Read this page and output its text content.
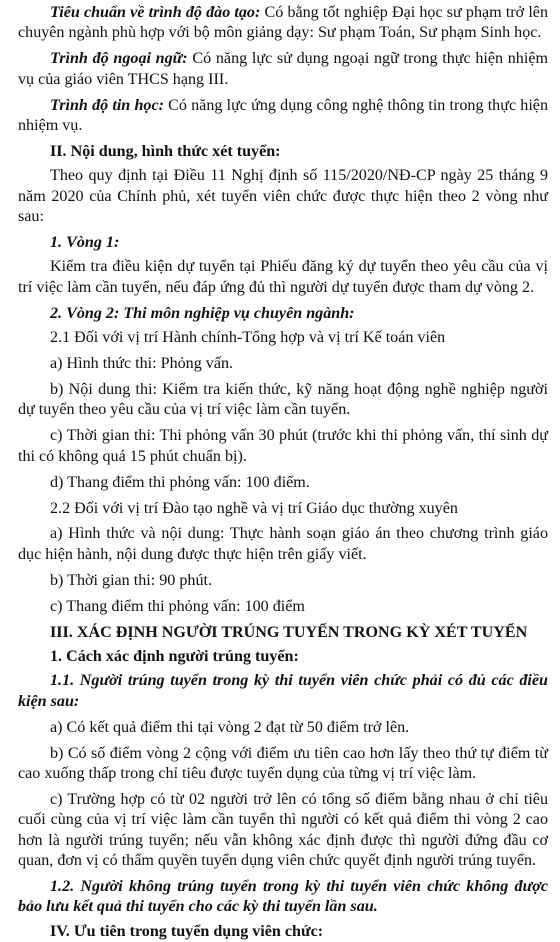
Tiêu chuẩn về trình độ đào tạo: Có bằng tốt nghiệp Đại học sư phạm trở lên chuyên ngành phù hợp với bộ môn giảng dạy: Sư phạm Toán, Sư phạm Sinh học.

Trình độ ngoại ngữ: Có năng lực sử dụng ngoại ngữ trong thực hiện nhiệm vụ của giáo viên THCS hạng III.

Trình độ tin học: Có năng lực ứng dụng công nghệ thông tin trong thực hiện nhiệm vụ.

II. Nội dung, hình thức xét tuyển:

Theo quy định tại Điều 11 Nghị định số 115/2020/NĐ-CP ngày 25 tháng 9 năm 2020 của Chính phủ, xét tuyển viên chức được thực hiện theo 2 vòng như sau:

1. Vòng 1:

Kiểm tra điều kiện dự tuyển tại Phiếu đăng ký dự tuyển theo yêu cầu của vị trí việc làm cần tuyển, nếu đáp ứng đủ thì người dự tuyển được tham dự vòng 2.

2. Vòng 2: Thi môn nghiệp vụ chuyên ngành:

2.1 Đối với vị trí Hành chính-Tổng hợp và vị trí Kế toán viên

a) Hình thức thi: Phỏng vấn.

b) Nội dung thi: Kiểm tra kiến thức, kỹ năng hoạt động nghề nghiệp người dự tuyển theo yêu cầu của vị trí việc làm cần tuyển.

c) Thời gian thi: Thi phỏng vấn 30 phút (trước khi thi phỏng vấn, thí sinh dự thi có không quá 15 phút chuẩn bị).

d) Thang điểm thi phỏng vấn: 100 điểm.

2.2 Đối với vị trí Đào tạo nghề và vị trí Giáo dục thường xuyên

a) Hình thức và nội dung: Thực hành soạn giáo án theo chương trình giáo dục hiện hành, nội dung được thực hiện trên giấy viết.

b) Thời gian thi: 90 phút.

c) Thang điểm thi phỏng vấn: 100 điểm

III. XÁC ĐỊNH NGƯỜI TRÚNG TUYỂN TRONG KỲ XÉT TUYỂN

1. Cách xác định người trúng tuyển:

1.1. Người trúng tuyển trong kỳ thi tuyển viên chức phải có đủ các điều kiện sau:

a) Có kết quả điểm thi tại vòng 2 đạt từ 50 điểm trở lên.

b) Có số điểm vòng 2 cộng với điểm ưu tiên cao hơn lấy theo thứ tự điểm từ cao xuống thấp trong chỉ tiêu được tuyển dụng của từng vị trí việc làm.

c) Trường hợp có từ 02 người trở lên có tổng số điểm bằng nhau ở chỉ tiêu cuối cùng của vị trí việc làm cần tuyển thì người có kết quả điểm thi vòng 2 cao hơn là người trúng tuyển; nếu vẫn không xác định được thì người đứng đầu cơ quan, đơn vị có thẩm quyền tuyển dụng viên chức quyết định người trúng tuyển.

1.2. Người không trúng tuyển trong kỳ thi tuyển viên chức không được bảo lưu kết quả thi tuyển cho các kỳ thi tuyển lần sau.

IV. Ưu tiên trong tuyển dụng viên chức:
